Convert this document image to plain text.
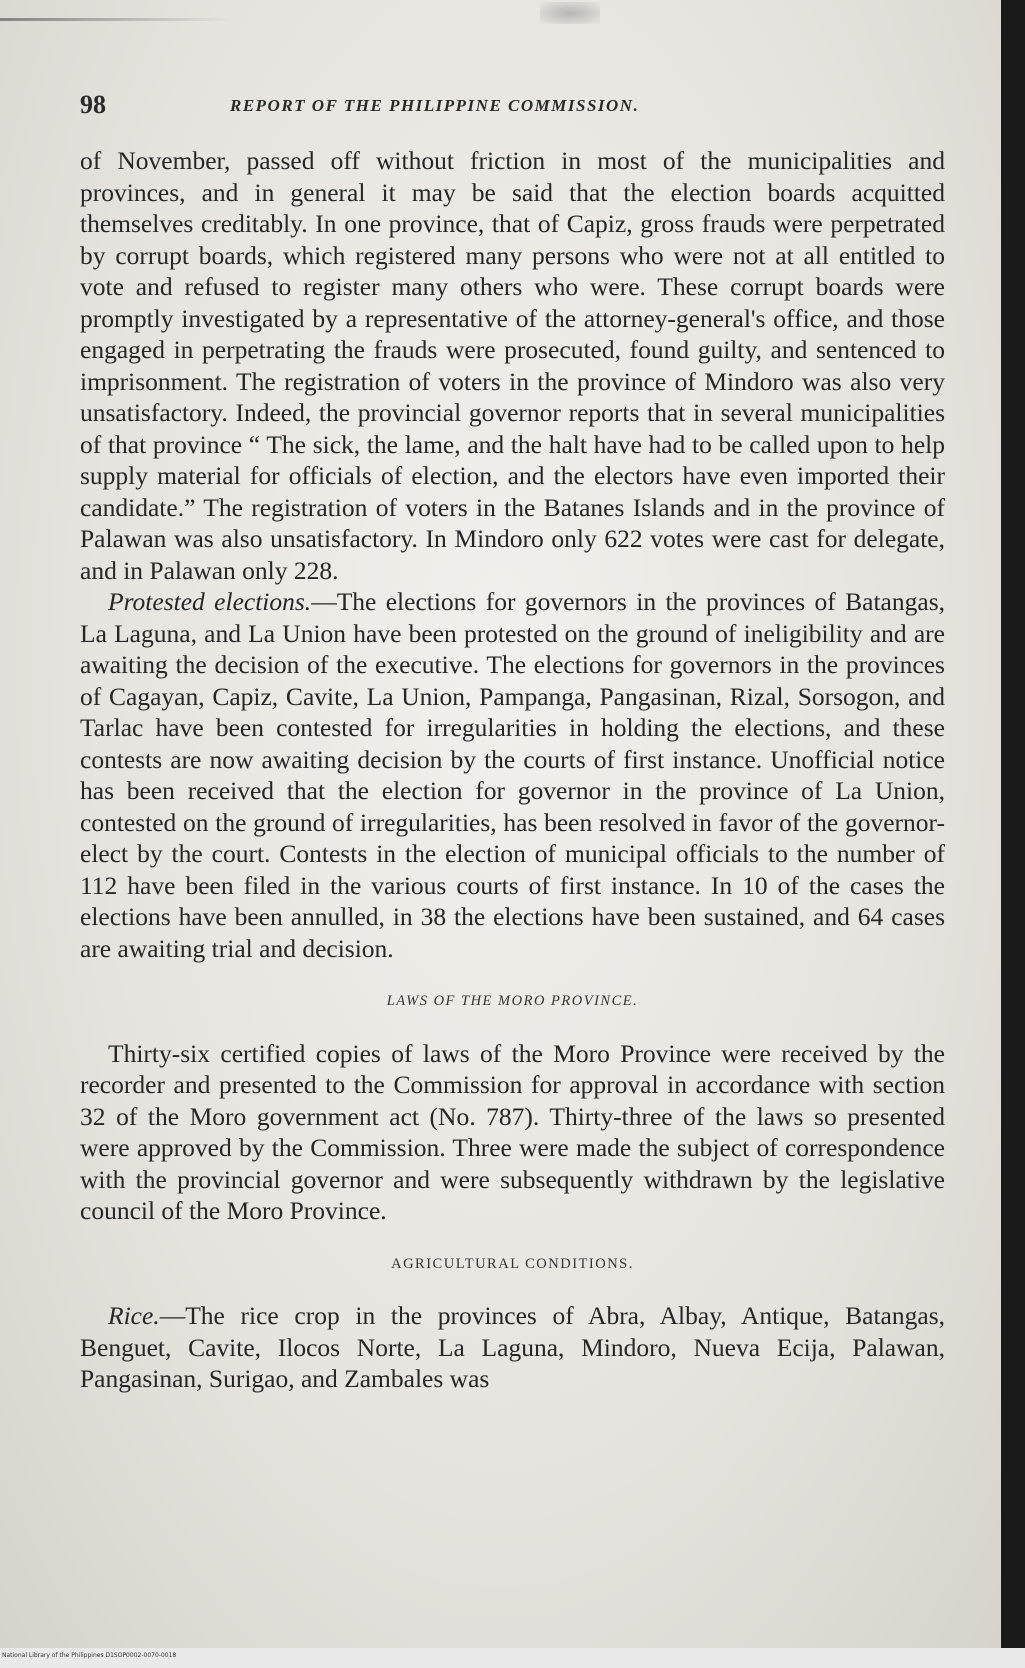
98	REPORT OF THE PHILIPPINE COMMISSION.

of November, passed off without friction in most of the municipalities and provinces, and in general it may be said that the election boards acquitted themselves creditably. In one province, that of Capiz, gross frauds were perpetrated by corrupt boards, which registered many persons who were not at all entitled to vote and refused to register many others who were. These corrupt boards were promptly investigated by a representative of the attorney-general's office, and those engaged in perpetrating the frauds were prosecuted, found guilty, and sentenced to imprisonment. The registration of voters in the province of Mindoro was also very unsatisfactory. Indeed, the provincial governor reports that in several municipalities of that province “ The sick, the lame, and the halt have had to be called upon to help supply material for officials of election, and the electors have even imported their candidate.” The registration of voters in the Batanes Islands and in the province of Palawan was also unsatisfactory. In Mindoro only 622 votes were cast for delegate, and in Palawan only 228.

Protested elections.—The elections for governors in the provinces of Batangas, La Laguna, and La Union have been protested on the ground of ineligibility and are awaiting the decision of the executive. The elections for governors in the provinces of Cagayan, Capiz, Cavite, La Union, Pampanga, Pangasinan, Rizal, Sorsogon, and Tarlac have been contested for irregularities in holding the elections, and these contests are now awaiting decision by the courts of first instance. Unofficial notice has been received that the election for governor in the province of La Union, contested on the ground of irregularities, has been resolved in favor of the governor-elect by the court. Contests in the election of municipal officials to the number of 112 have been filed in the various courts of first instance. In 10 of the cases the elections have been annulled, in 38 the elections have been sustained, and 64 cases are awaiting trial and decision.

LAWS OF THE MORO PROVINCE.

Thirty-six certified copies of laws of the Moro Province were received by the recorder and presented to the Commission for approval in accordance with section 32 of the Moro government act (No. 787). Thirty-three of the laws so presented were approved by the Commission. Three were made the subject of correspondence with the provincial governor and were subsequently withdrawn by the legislative council of the Moro Province.

AGRICULTURAL CONDITIONS.

Rice.—The rice crop in the provinces of Abra, Albay, Antique, Batangas, Benguet, Cavite, Ilocos Norte, La Laguna, Mindoro, Nueva Ecija, Palawan, Pangasinan, Surigao, and Zambales was

National Library of the Philippines D1SOP0002-0070-0018
